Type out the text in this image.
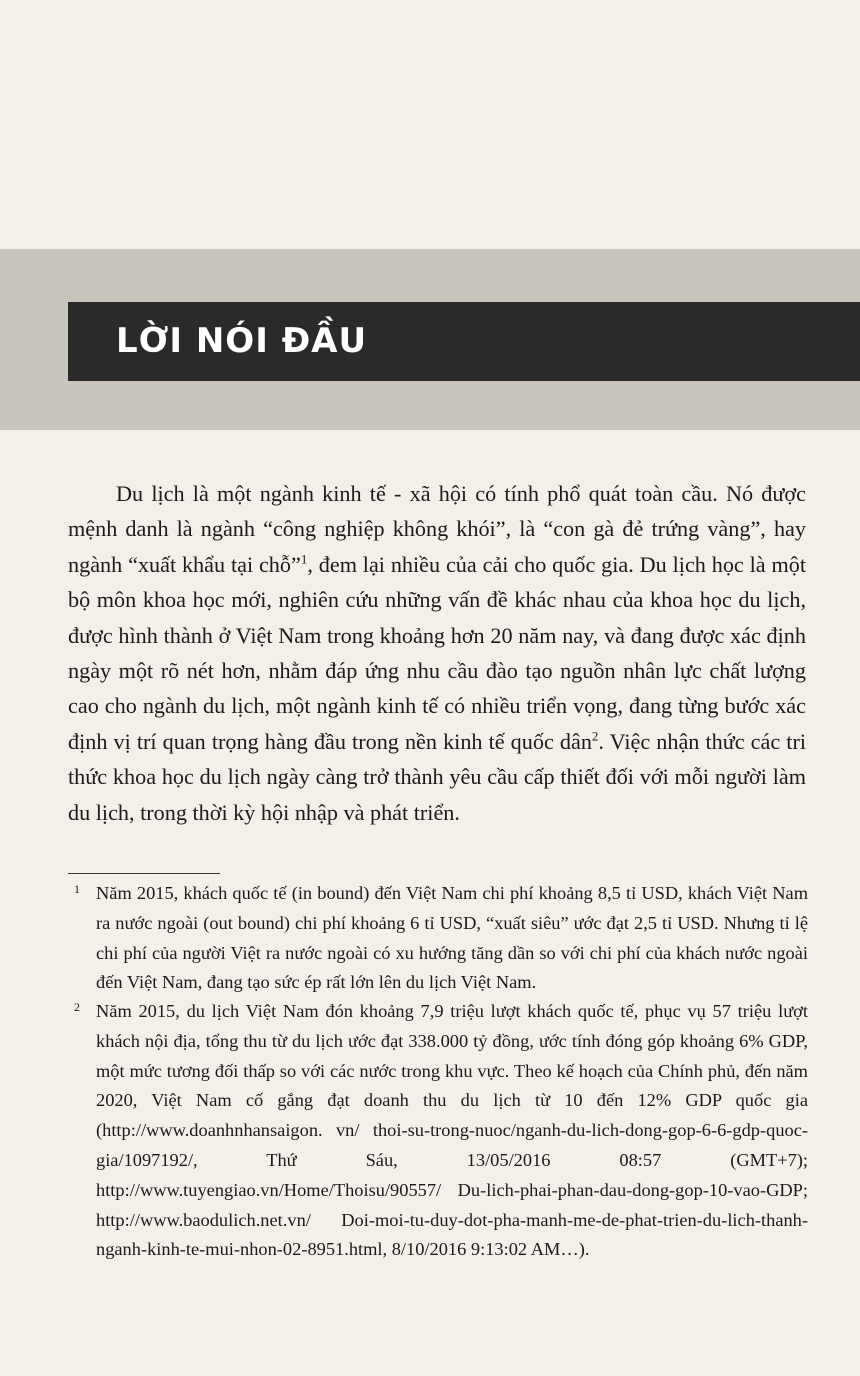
LỜI NÓI ĐẦU

Du lịch là một ngành kinh tế - xã hội có tính phổ quát toàn cầu. Nó được mệnh danh là ngành “công nghiệp không khói”, là “con gà đẻ trứng vàng”, hay ngành “xuất khẩu tại chỗ”$^1$, đem lại nhiều của cải cho quốc gia. Du lịch học là một bộ môn khoa học mới, nghiên cứu những vấn đề khác nhau của khoa học du lịch, được hình thành ở Việt Nam trong khoảng hơn 20 năm nay, và đang được xác định ngày một rõ nét hơn, nhằm đáp ứng nhu cầu đào tạo nguồn nhân lực chất lượng cao cho ngành du lịch, một ngành kinh tế có nhiều triển vọng, đang từng bước xác định vị trí quan trọng hàng đầu trong nền kinh tế quốc dân$^2$. Việc nhận thức các tri thức khoa học du lịch ngày càng trở thành yêu cầu cấp thiết đối với mỗi người làm du lịch, trong thời kỳ hội nhập và phát triển.

1 Năm 2015, khách quốc tế (in bound) đến Việt Nam chi phí khoảng 8,5 tỉ USD, khách Việt Nam ra nước ngoài (out bound) chi phí khoảng 6 tỉ USD, “xuất siêu” ước đạt 2,5 tỉ USD. Nhưng tỉ lệ chi phí của người Việt ra nước ngoài có xu hướng tăng dần so với chi phí của khách nước ngoài đến Việt Nam, đang tạo sức ép rất lớn lên du lịch Việt Nam.
2 Năm 2015, du lịch Việt Nam đón khoảng 7,9 triệu lượt khách quốc tế, phục vụ 57 triệu lượt khách nội địa, tổng thu từ du lịch ước đạt 338.000 tỷ đồng, ước tính đóng góp khoảng 6% GDP, một mức tương đối thấp so với các nước trong khu vực. Theo kế hoạch của Chính phủ, đến năm 2020, Việt Nam cố gắng đạt doanh thu du lịch từ 10 đến 12% GDP quốc gia (http://www.doanhnhansaigon. vn/ thoi-su-trong-nuoc/nganh-du-lich-dong-gop-6-6-gdp-quoc-gia/1097192/, Thứ Sáu, 13/05/2016 08:57 (GMT+7); http://www.tuyengiao.vn/Home/Thoisu/90557/ Du-lich-phai-phan-dau-dong-gop-10-vao-GDP; http://www.baodulich.net.vn/ Doi-moi-tu-duy-dot-pha-manh-me-de-phat-trien-du-lich-thanh-nganh-kinh-te-mui-nhon-02-8951.html, 8/10/2016 9:13:02 AM…).
